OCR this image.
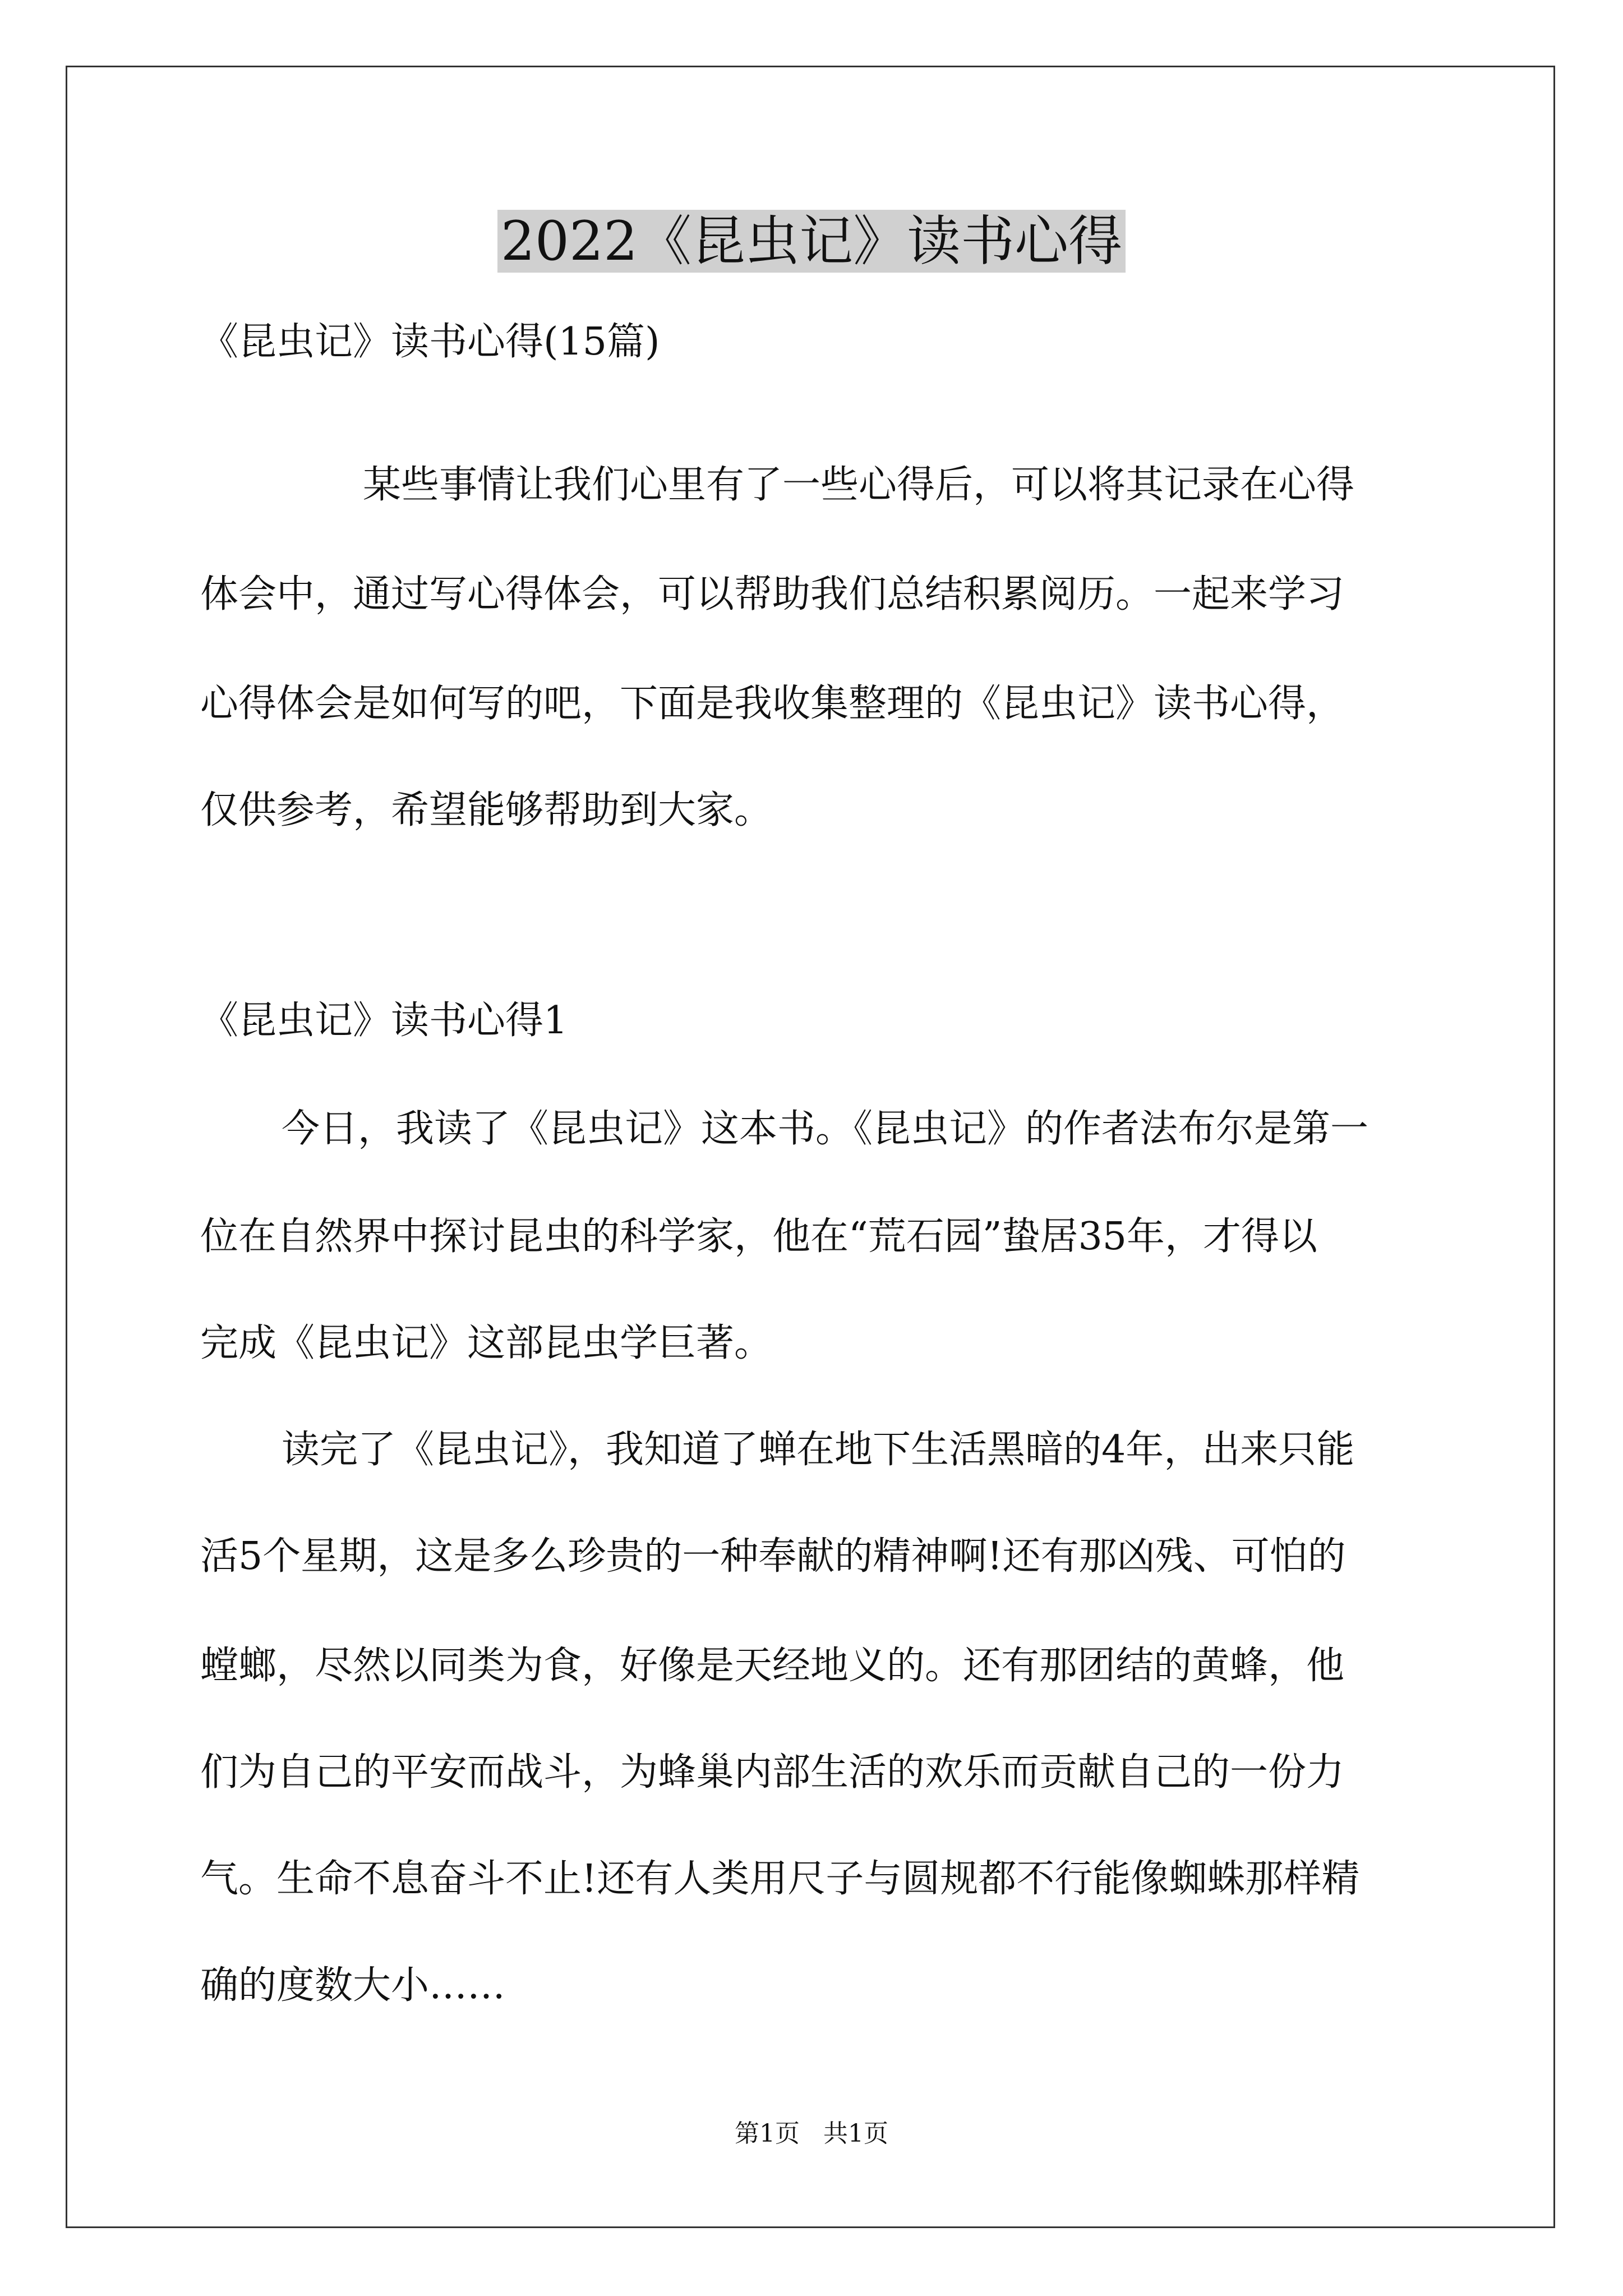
2022《昆虫记》读书心得
《昆虫记》读书心得(15篇)
某些事情让我们心里有了一些心得后，可以将其记录在心得
体会中，通过写心得体会，可以帮助我们总结积累阅历。一起来学习
心得体会是如何写的吧，下面是我收集整理的《昆虫记》读书心得，
仅供参考，希望能够帮助到大家。
《昆虫记》读书心得1
今日，我读了《昆虫记》这本书。《昆虫记》的作者法布尔是第一
位在自然界中探讨昆虫的科学家，他在“荒石园”蛰居35年，才得以
完成《昆虫记》这部昆虫学巨著。
读完了《昆虫记》，我知道了蝉在地下生活黑暗的4年，出来只能
活5个星期，这是多么珍贵的一种奉献的精神啊!还有那凶残、可怕的
螳螂，尽然以同类为食，好像是天经地义的。还有那团结的黄蜂，他
们为自己的平安而战斗，为蜂巢内部生活的欢乐而贡献自己的一份力
气。生命不息奋斗不止!还有人类用尺子与圆规都不行能像蜘蛛那样精
确的度数大小……
第1页   共1页
